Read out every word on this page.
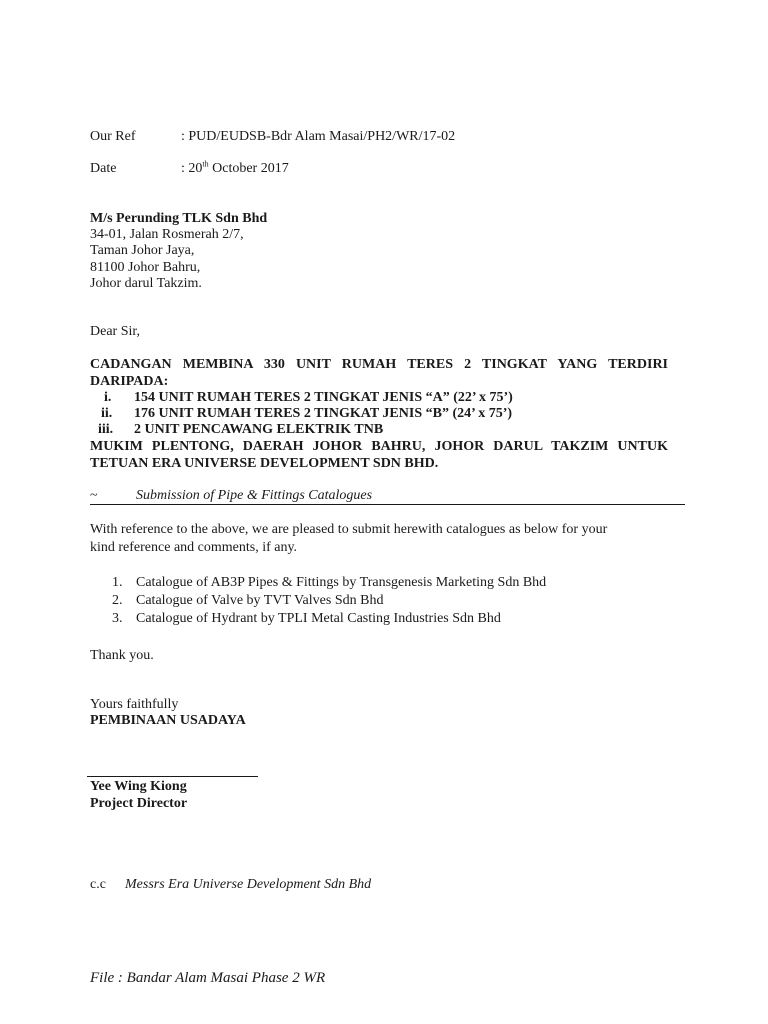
Our Ref	: PUD/EUDSB-Bdr Alam Masai/PH2/WR/17-02
Date	: 20th October 2017
M/s Perunding TLK Sdn Bhd
34-01, Jalan Rosmerah 2/7,
Taman Johor Jaya,
81100 Johor Bahru,
Johor darul Takzim.
Dear Sir,
CADANGAN MEMBINA 330 UNIT RUMAH TERES 2 TINGKAT YANG TERDIRI
DARIPADA:
i. 154 UNIT RUMAH TERES 2 TINGKAT JENIS “A” (22’ x 75’)
ii. 176 UNIT RUMAH TERES 2 TINGKAT JENIS “B” (24’ x 75’)
iii. 2 UNIT PENCAWANG ELEKTRIK TNB
MUKIM PLENTONG, DAERAH JOHOR BAHRU, JOHOR DARUL TAKZIM UNTUK
TETUAN ERA UNIVERSE DEVELOPMENT SDN BHD.
~	Submission of Pipe & Fittings Catalogues
With reference to the above, we are pleased to submit herewith catalogues as below for your
kind reference and comments, if any.
1. Catalogue of AB3P Pipes & Fittings by Transgenesis Marketing Sdn Bhd
2. Catalogue of Valve by TVT Valves Sdn Bhd
3. Catalogue of Hydrant by TPLI Metal Casting Industries Sdn Bhd
Thank you.
Yours faithfully
PEMBINAAN USADAYA
Yee Wing Kiong
Project Director
c.c Messrs Era Universe Development Sdn Bhd
File : Bandar Alam Masai Phase 2 WR
